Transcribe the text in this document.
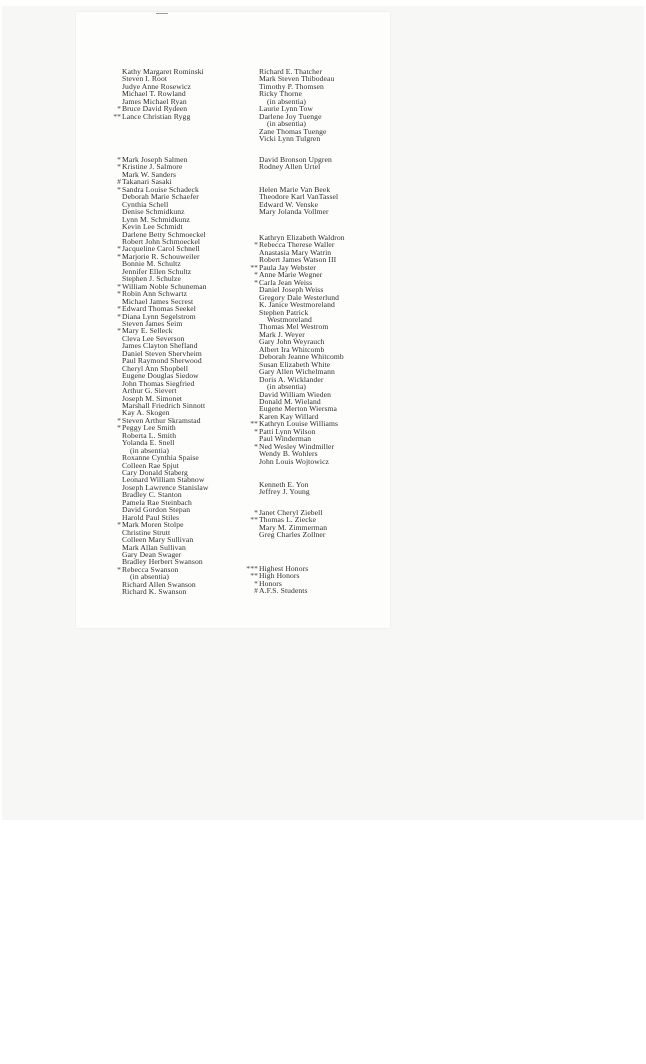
Kathy Margaret Rominski
Steven I. Root
Judye Anne Rosewicz
Michael T. Rowland
James Michael Ryan
* Bruce David Rydeen
** Lance Christian Rygg
* Mark Joseph Salmen
* Kristine J. Salmore
Mark W. Sanders
# Takanari Sasaki
* Sandra Louise Schadeck
Deborah Marie Schaefer
Cynthia Schell
Denise Schmidkunz
Lynn M. Schmidkunz
Kevin Lee Schmidt
Darlene Betty Schmoeckel
Robert John Schmoeckel
* Jacqueline Carol Schnell
* Marjorie R. Schouweiler
Bonnie M. Schultz
Jennifer Ellen Schultz
Stephen J. Schulze
* William Noble Schuneman
* Robin Ann Schwartz
Michael James Secrest
* Edward Thomas Seekel
* Diana Lynn Segelstrom
Steven James Seim
* Mary E. Selleck
Cleva Lee Severson
James Clayton Shefland
Daniel Steven Shervheim
Paul Raymond Sherwood
Cheryl Ann Shopbell
Eugene Douglas Siedow
John Thomas Siegfried
Arthur G. Sievert
Joseph M. Simonet
Marshall Friedrich Sinnott
Kay A. Skogen
* Steven Arthur Skramstad
* Peggy Lee Smith
Roberta L. Smith
Yolanda E. Snell
(in absentia)
Roxanne Cynthia Spaise
Colleen Rae Spjut
Cary Donald Staberg
Leonard William Stabnow
Joseph Lawrence Stanislaw
Bradley C. Stanton
Pamela Rae Steinbach
David Gordon Stepan
Harold Paul Stiles
* Mark Moren Stolpe
Christine Strutt
Colleen Mary Sullivan
Mark Allan Sullivan
Gary Dean Swager
Bradley Herbert Swanson
* Rebecca Swanson
(in absentia)
Richard Allen Swanson
Richard K. Swanson
Richard E. Thatcher
Mark Steven Thibodeau
Timothy P. Thomsen
Ricky Thorne
(in absentia)
Laurie Lynn Tow
Darlene Joy Tuenge
(in absentia)
Zane Thomas Tuenge
Vicki Lynn Tulgren
David Bronson Upgren
Rodney Allen Urtel
Helen Marie Van Beek
Theodore Karl VanTassel
Edward W. Venske
Mary Jolanda Vollmer
Kathryn Elizabeth Waldron
* Rebecca Therese Waller
Anastasia Mary Watrin
Robert James Watson III
** Paula Jay Webster
* Anne Marie Wegner
* Carla Jean Weiss
Daniel Joseph Weiss
Gregory Dale Westerlund
K. Janice Westmoreland
Stephen Patrick
Westmoreland
Thomas Mel Westrom
Mark J. Weyer
Gary John Weyrauch
Albert Ira Whitcomb
Deborah Jeanne Whitcomb
Susan Elizabeth White
Gary Allen Wichelmann
Doris A. Wicklander
(in absentia)
David William Wieden
Donald M. Wieland
Eugene Merton Wiersma
Karen Kay Willard
** Kathryn Louise Williams
* Patti Lynn Wilson
Paul Winderman
* Ned Wesley Windmiller
Wendy B. Wohlers
John Louis Wojtowicz
Kenneth E. Yon
Jeffrey J. Young
* Janet Cheryl Ziebell
** Thomas L. Ziecke
Mary M. Zimmerman
Greg Charles Zollner
*** Highest Honors
** High Honors
* Honors
# A.F.S. Students
